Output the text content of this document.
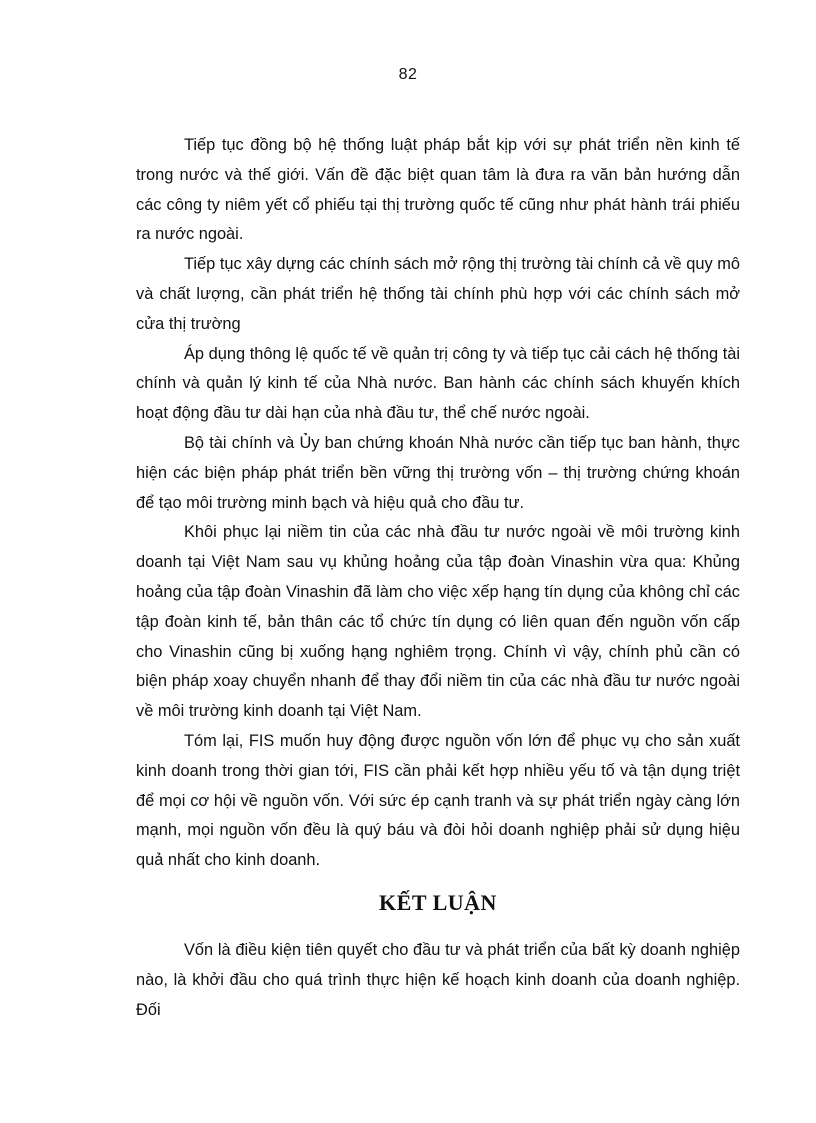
82

Tiếp tục đồng bộ hệ thống luật pháp bắt kịp với sự phát triển nền kinh tế trong nước và thế giới. Vấn đề đặc biệt quan tâm là đưa ra văn bản hướng dẫn các công ty niêm yết cổ phiếu tại thị trường quốc tế cũng như phát hành trái phiếu ra nước ngoài.

Tiếp tục xây dựng các chính sách mở rộng thị trường tài chính cả về quy mô và chất lượng, cần phát triển hệ thống tài chính phù hợp với các chính sách mở cửa thị trường

Áp dụng thông lệ quốc tế về quản trị công ty và tiếp tục cải cách hệ thống tài chính và quản lý kinh tế của Nhà nước. Ban hành các chính sách khuyến khích hoạt động đầu tư dài hạn của nhà đầu tư, thể chế nước ngoài.

Bộ tài chính và Ủy ban chứng khoán Nhà nước cần tiếp tục ban hành, thực hiện các biện pháp phát triển bền vững thị trường vốn – thị trường chứng khoán để tạo môi trường minh bạch và hiệu quả cho đầu tư.

Khôi phục lại niềm tin của các nhà đầu tư nước ngoài về môi trường kinh doanh tại Việt Nam sau vụ khủng hoảng của tập đoàn Vinashin vừa qua: Khủng hoảng của tập đoàn Vinashin đã làm cho việc xếp hạng tín dụng của không chỉ các tập đoàn kinh tế, bản thân các tổ chức tín dụng có liên quan đến nguồn vốn cấp cho Vinashin cũng bị xuống hạng nghiêm trọng. Chính vì vậy, chính phủ cần có biện pháp xoay chuyển nhanh để thay đổi niềm tin của các nhà đầu tư nước ngoài về môi trường kinh doanh tại Việt Nam.

Tóm lại, FIS muốn huy động được nguồn vốn lớn để phục vụ cho sản xuất kinh doanh trong thời gian tới, FIS cần phải kết hợp nhiều yếu tố và tận dụng triệt để mọi cơ hội về nguồn vốn. Với sức ép cạnh tranh và sự phát triển ngày càng lớn mạnh, mọi nguồn vốn đều là quý báu và đòi hỏi doanh nghiệp phải sử dụng hiệu quả nhất cho kinh doanh.

KẾT LUẬN

Vốn là điều kiện tiên quyết cho đầu tư và phát triển của bất kỳ doanh nghiệp nào, là khởi đầu cho quá trình thực hiện kế hoạch kinh doanh của doanh nghiệp. Đối
